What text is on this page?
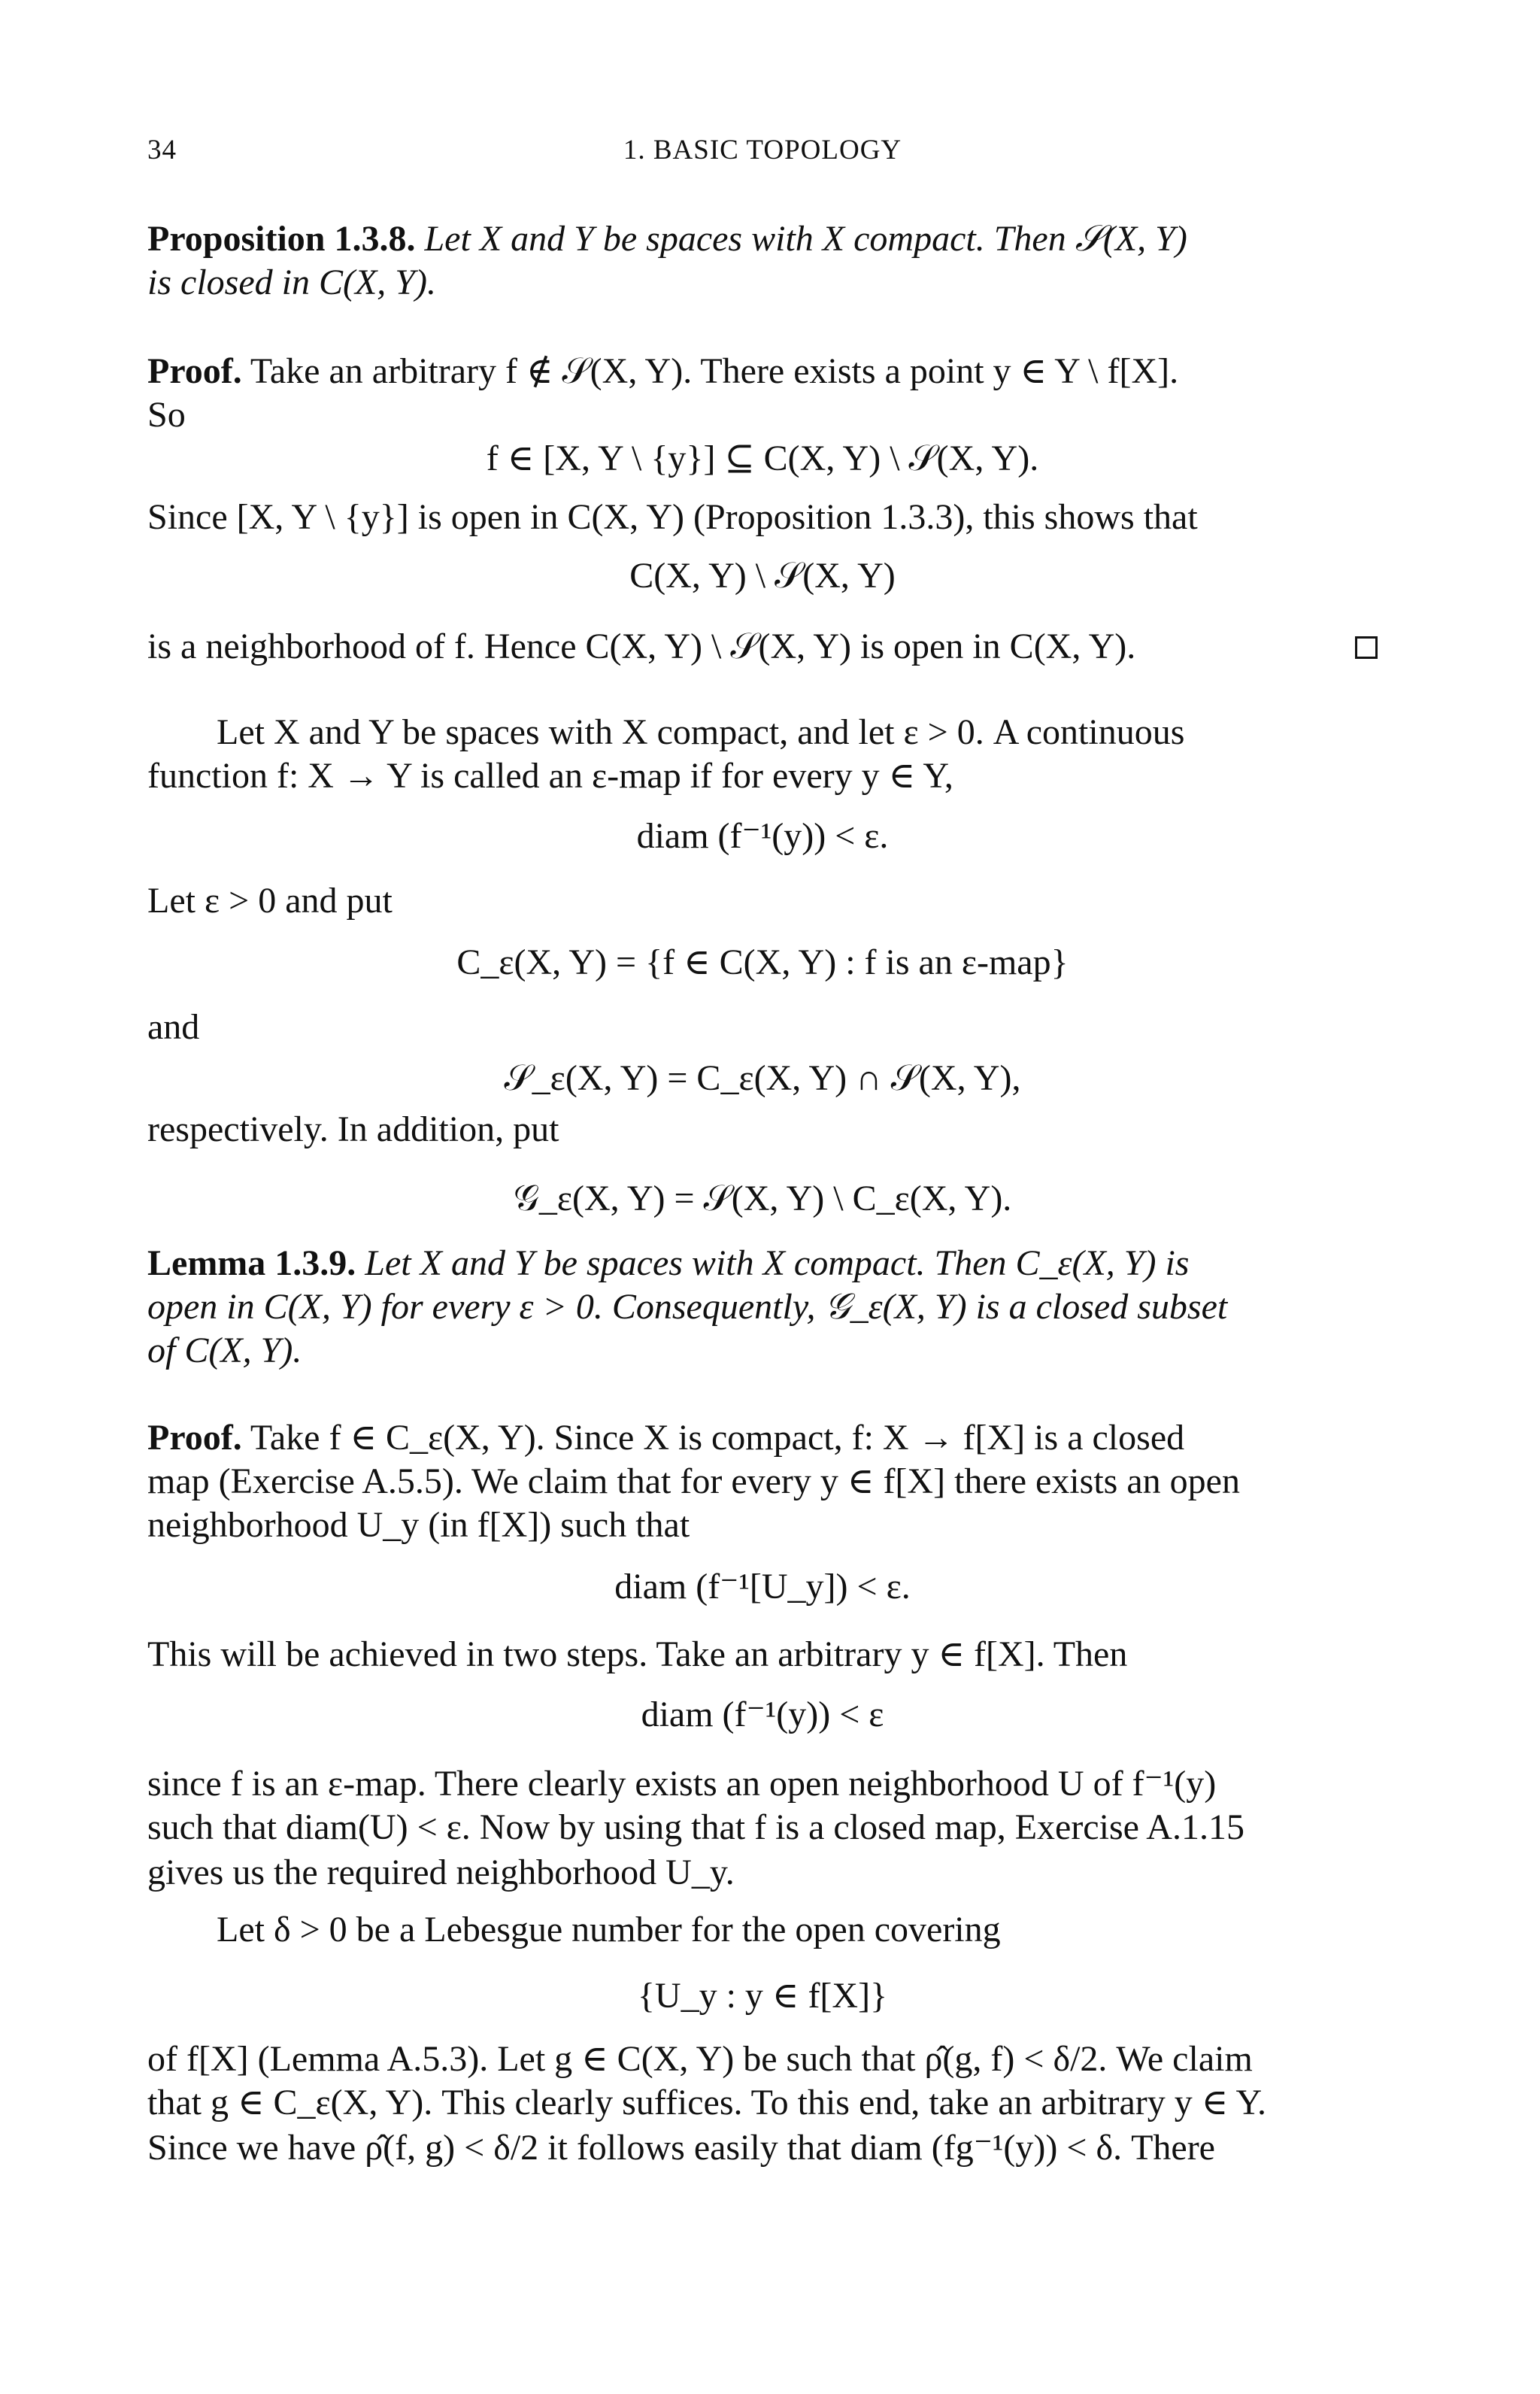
34	1. BASIC TOPOLOGY
Proposition 1.3.8. Let X and Y be spaces with X compact. Then 𝒮(X, Y)
is closed in C(X, Y).
Proof. Take an arbitrary f ∉ 𝒮(X, Y). There exists a point y ∈ Y \ f[X].
So
f ∈ [X, Y \ {y}] ⊆ C(X, Y) \ 𝒮(X, Y).
Since [X, Y \ {y}] is open in C(X, Y) (Proposition 1.3.3), this shows that
C(X, Y) \ 𝒮(X, Y)
is a neighborhood of f. Hence C(X, Y) \ 𝒮(X, Y) is open in C(X, Y).
Let X and Y be spaces with X compact, and let ε > 0. A continuous
function f: X → Y is called an ε-map if for every y ∈ Y,
diam (f⁻¹(y)) < ε.
Let ε > 0 and put
C_ε(X, Y) = {f ∈ C(X, Y) : f is an ε-map}
and
𝒮_ε(X, Y) = C_ε(X, Y) ∩ 𝒮(X, Y),
respectively. In addition, put
𝒢_ε(X, Y) = 𝒮(X, Y) \ C_ε(X, Y).
Lemma 1.3.9. Let X and Y be spaces with X compact. Then C_ε(X, Y) is
open in C(X, Y) for every ε > 0. Consequently, 𝒢_ε(X, Y) is a closed subset
of C(X, Y).
Proof. Take f ∈ C_ε(X, Y). Since X is compact, f: X → f[X] is a closed
map (Exercise A.5.5). We claim that for every y ∈ f[X] there exists an open
neighborhood U_y (in f[X]) such that
diam (f⁻¹[U_y]) < ε.
This will be achieved in two steps. Take an arbitrary y ∈ f[X]. Then
diam (f⁻¹(y)) < ε
since f is an ε-map. There clearly exists an open neighborhood U of f⁻¹(y)
such that diam(U) < ε. Now by using that f is a closed map, Exercise A.1.15
gives us the required neighborhood U_y.
Let δ > 0 be a Lebesgue number for the open covering
{U_y : y ∈ f[X]}
of f[X] (Lemma A.5.3). Let g ∈ C(X, Y) be such that ρ̂(g, f) < δ/2. We claim
that g ∈ C_ε(X, Y). This clearly suffices. To this end, take an arbitrary y ∈ Y.
Since we have ρ̂(f, g) < δ/2 it follows easily that diam (fg⁻¹(y)) < δ. There
